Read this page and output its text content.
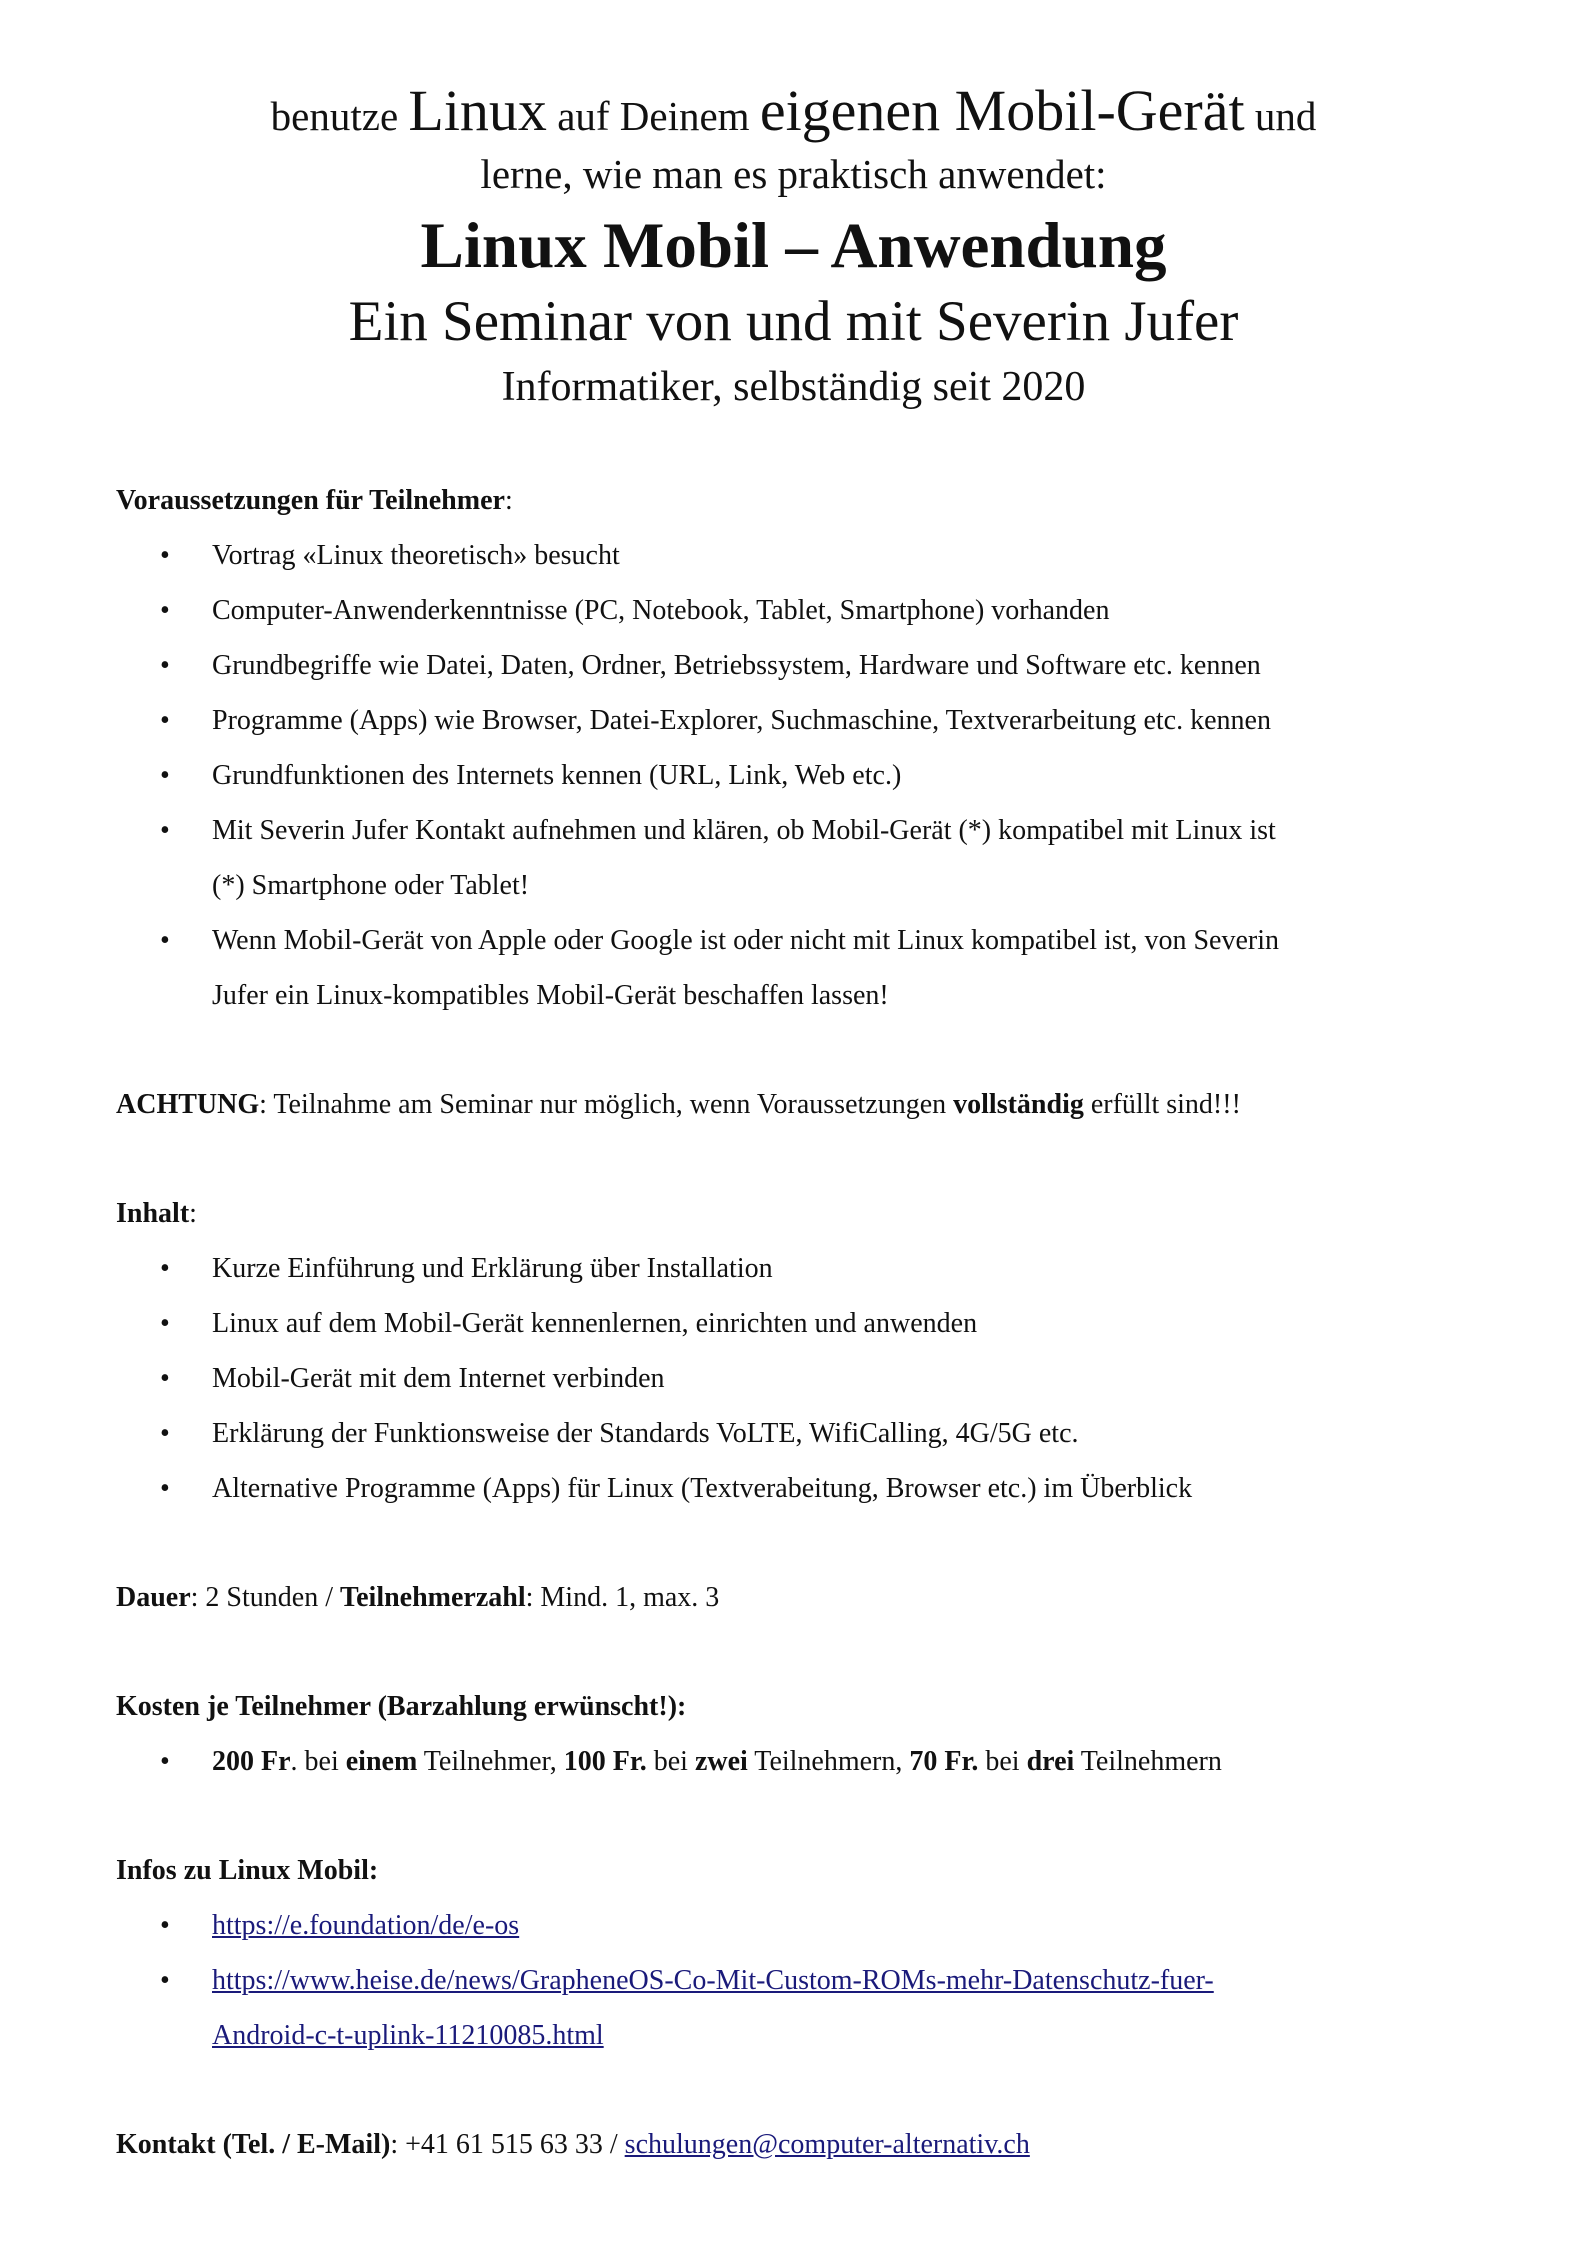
benutze Linux auf Deinem eigenen Mobil-Gerät und
lerne, wie man es praktisch anwendet:
Linux Mobil – Anwendung
Ein Seminar von und mit Severin Jufer
Informatiker, selbständig seit 2020
Voraussetzungen für Teilnehmer:
• Vortrag «Linux theoretisch» besucht
• Computer-Anwenderkenntnisse (PC, Notebook, Tablet, Smartphone) vorhanden
• Grundbegriffe wie Datei, Daten, Ordner, Betriebssystem, Hardware und Software etc. kennen
• Programme (Apps) wie Browser, Datei-Explorer, Suchmaschine, Textverarbeitung etc. kennen
• Grundfunktionen des Internets kennen (URL, Link, Web etc.)
• Mit Severin Jufer Kontakt aufnehmen und klären, ob Mobil-Gerät (*) kompatibel mit Linux ist
(*) Smartphone oder Tablet!
• Wenn Mobil-Gerät von Apple oder Google ist oder nicht mit Linux kompatibel ist, von Severin
Jufer ein Linux-kompatibles Mobil-Gerät beschaffen lassen!
ACHTUNG: Teilnahme am Seminar nur möglich, wenn Voraussetzungen vollständig erfüllt sind!!!
Inhalt:
• Kurze Einführung und Erklärung über Installation
• Linux auf dem Mobil-Gerät kennenlernen, einrichten und anwenden
• Mobil-Gerät mit dem Internet verbinden
• Erklärung der Funktionsweise der Standards VoLTE, WifiCalling, 4G/5G etc.
• Alternative Programme (Apps) für Linux (Textverabeitung, Browser etc.) im Überblick
Dauer: 2 Stunden / Teilnehmerzahl: Mind. 1, max. 3
Kosten je Teilnehmer (Barzahlung erwünscht!):
• 200 Fr. bei einem Teilnehmer, 100 Fr. bei zwei Teilnehmern, 70 Fr. bei drei Teilnehmern
Infos zu Linux Mobil:
• https://e.foundation/de/e-os
• https://www.heise.de/news/GrapheneOS-Co-Mit-Custom-ROMs-mehr-Datenschutz-fuer-
Android-c-t-uplink-11210085.html
Kontakt (Tel. / E-Mail): +41 61 515 63 33 / schulungen@computer-alternativ.ch
